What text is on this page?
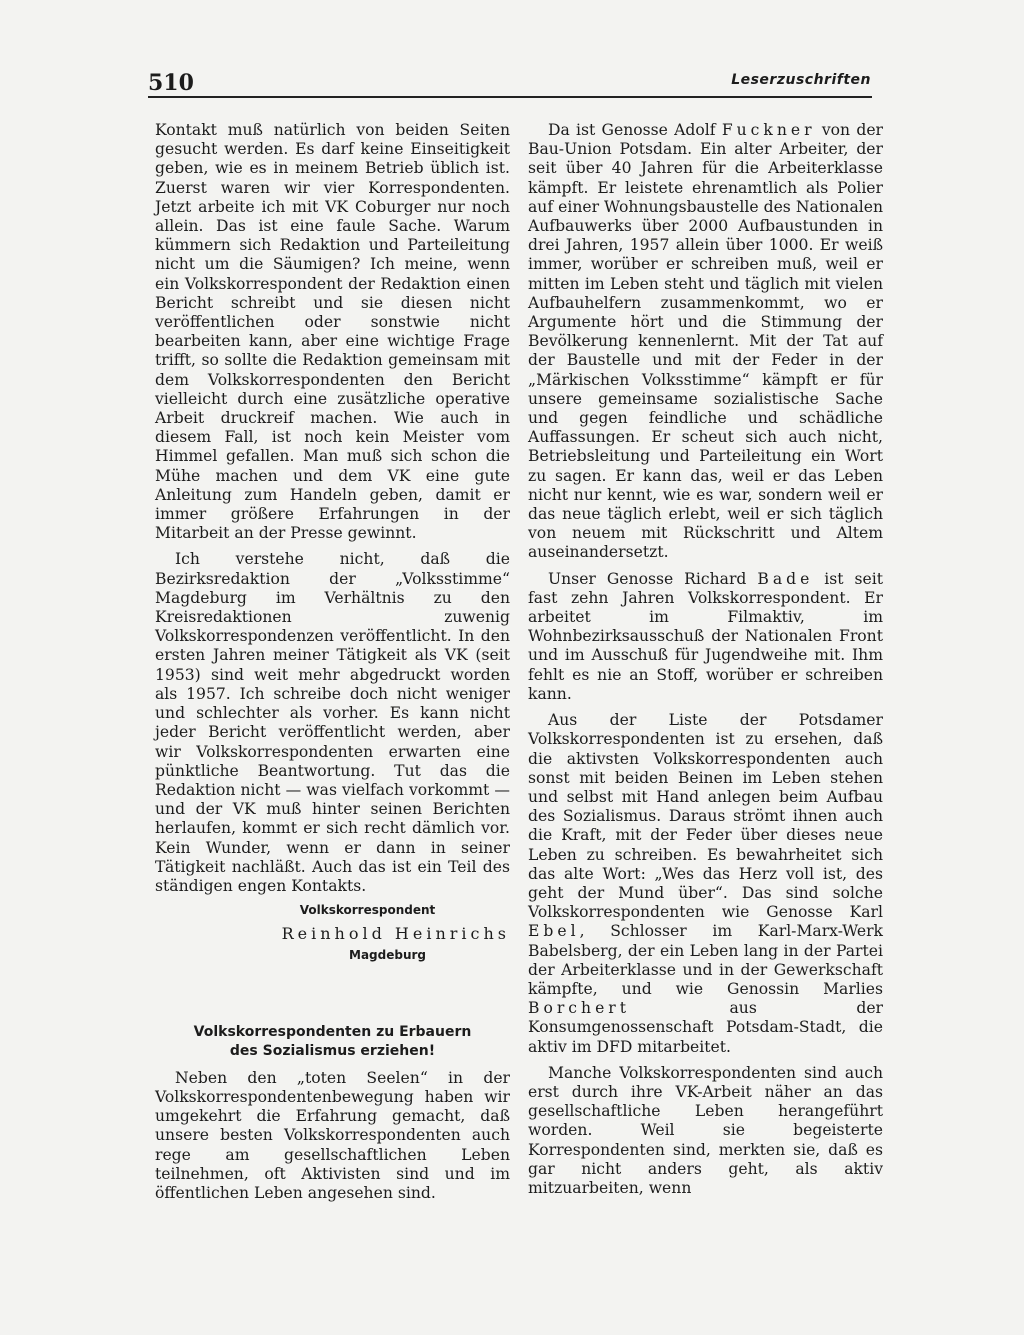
510	Leserzuschriften

Kontakt muß natürlich von beiden Seiten gesucht werden. Es darf keine Einseitigkeit geben, wie es in meinem Betrieb üblich ist. Zuerst waren wir vier Korrespondenten. Jetzt arbeite ich mit VK Coburger nur noch allein. Das ist eine faule Sache. Warum kümmern sich Redaktion und Parteileitung nicht um die Säumigen? Ich meine, wenn ein Volkskorrespondent der Redaktion einen Bericht schreibt und sie diesen nicht veröffentlichen oder sonstwie nicht bearbeiten kann, aber eine wichtige Frage trifft, so sollte die Redaktion gemeinsam mit dem Volkskorrespondenten den Bericht vielleicht durch eine zusätzliche operative Arbeit druckreif machen. Wie auch in diesem Fall, ist noch kein Meister vom Himmel gefallen. Man muß sich schon die Mühe machen und dem VK eine gute Anleitung zum Handeln geben, damit er immer größere Erfahrungen in der Mitarbeit an der Presse gewinnt.

Ich verstehe nicht, daß die Bezirksredaktion der „Volksstimme“ Magdeburg im Verhältnis zu den Kreisredaktionen zuwenig Volkskorrespondenzen veröffentlicht. In den ersten Jahren meiner Tätigkeit als VK (seit 1953) sind weit mehr abgedruckt worden als 1957. Ich schreibe doch nicht weniger und schlechter als vorher. Es kann nicht jeder Bericht veröffentlicht werden, aber wir Volkskorrespondenten erwarten eine pünktliche Beantwortung. Tut das die Redaktion nicht — was vielfach vorkommt — und der VK muß hinter seinen Berichten herlaufen, kommt er sich recht dämlich vor. Kein Wunder, wenn er dann in seiner Tätigkeit nachläßt. Auch das ist ein Teil des ständigen engen Kontakts.

Volkskorrespondent
Reinhold Heinrichs
Magdeburg
Volkskorrespondenten zu Erbauern
des Sozialismus erziehen!

Neben den „toten Seelen“ in der Volkskorrespondentenbewegung haben wir umgekehrt die Erfahrung gemacht, daß unsere besten Volkskorrespondenten auch rege am gesellschaftlichen Leben teilnehmen, oft Aktivisten sind und im öffentlichen Leben angesehen sind.

Da ist Genosse Adolf Fuckner von der Bau-Union Potsdam. Ein alter Arbeiter, der seit über 40 Jahren für die Arbeiterklasse kämpft. Er leistete ehrenamtlich als Polier auf einer Wohnungsbaustelle des Nationalen Aufbauwerks über 2000 Aufbaustunden in drei Jahren, 1957 allein über 1000. Er weiß immer, worüber er schreiben muß, weil er mitten im Leben steht und täglich mit vielen Aufbauhelfern zusammenkommt, wo er Argumente hört und die Stimmung der Bevölkerung kennenlernt. Mit der Tat auf der Baustelle und mit der Feder in der „Märkischen Volksstimme“ kämpft er für unsere gemeinsame sozialistische Sache und gegen feindliche und schädliche Auffassungen. Er scheut sich auch nicht, Betriebsleitung und Parteileitung ein Wort zu sagen. Er kann das, weil er das Leben nicht nur kennt, wie es war, sondern weil er das neue täglich erlebt, weil er sich täglich von neuem mit Rückschritt und Altem auseinandersetzt.

Unser Genosse Richard Bade ist seit fast zehn Jahren Volkskorrespondent. Er arbeitet im Filmaktiv, im Wohnbezirksausschuß der Nationalen Front und im Ausschuß für Jugendweihe mit. Ihm fehlt es nie an Stoff, worüber er schreiben kann.

Aus der Liste der Potsdamer Volkskorrespondenten ist zu ersehen, daß die aktivsten Volkskorrespondenten auch sonst mit beiden Beinen im Leben stehen und selbst mit Hand anlegen beim Aufbau des Sozialismus. Daraus strömt ihnen auch die Kraft, mit der Feder über dieses neue Leben zu schreiben. Es bewahrheitet sich das alte Wort: „Wes das Herz voll ist, des geht der Mund über“. Das sind solche Volkskorrespondenten wie Genosse Karl Ebel, Schlosser im Karl-Marx-Werk Babelsberg, der ein Leben lang in der Partei der Arbeiterklasse und in der Gewerkschaft kämpfte, und wie Genossin Marlies Borchert aus der Konsumgenossenschaft Potsdam-Stadt, die aktiv im DFD mitarbeitet.

Manche Volkskorrespondenten sind auch erst durch ihre VK-Arbeit näher an das gesellschaftliche Leben herangeführt worden. Weil sie begeisterte Korrespondenten sind, merkten sie, daß es gar nicht anders geht, als aktiv mitzuarbeiten, wenn
